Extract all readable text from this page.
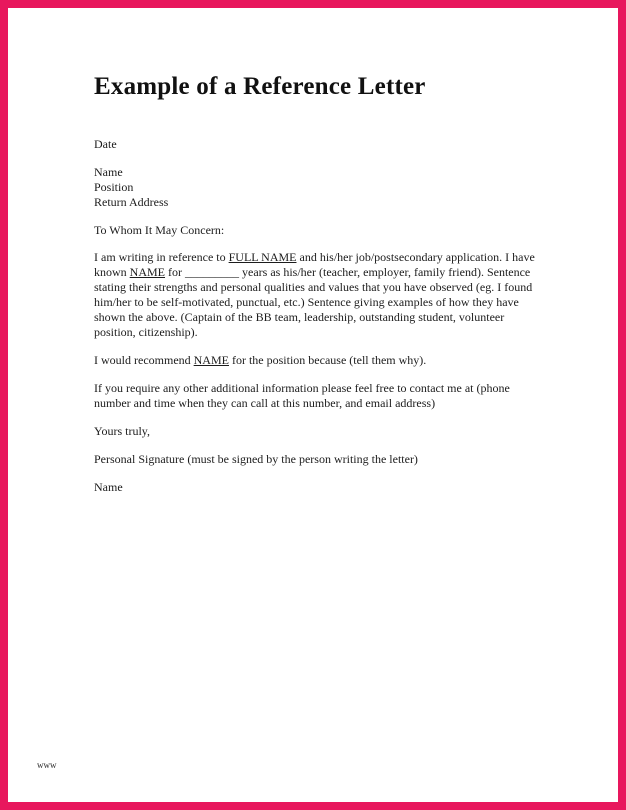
Example of a Reference Letter
Date
Name
Position
Return Address
To Whom It May Concern:

I am writing in reference to FULL NAME and his/her job/postsecondary application. I have known NAME for _________ years as his/her (teacher, employer, family friend). Sentence stating their strengths and personal qualities and values that you have observed (eg. I found him/her to be self-motivated, punctual, etc.) Sentence giving examples of how they have shown the above. (Captain of the BB team, leadership, outstanding student, volunteer position, citizenship).

I would recommend NAME for the position because (tell them why).

If you require any other additional information please feel free to contact me at (phone number and time when they can call at this number, and email address)

Yours truly,
Personal Signature (must be signed by the person writing the letter)
Name
www
